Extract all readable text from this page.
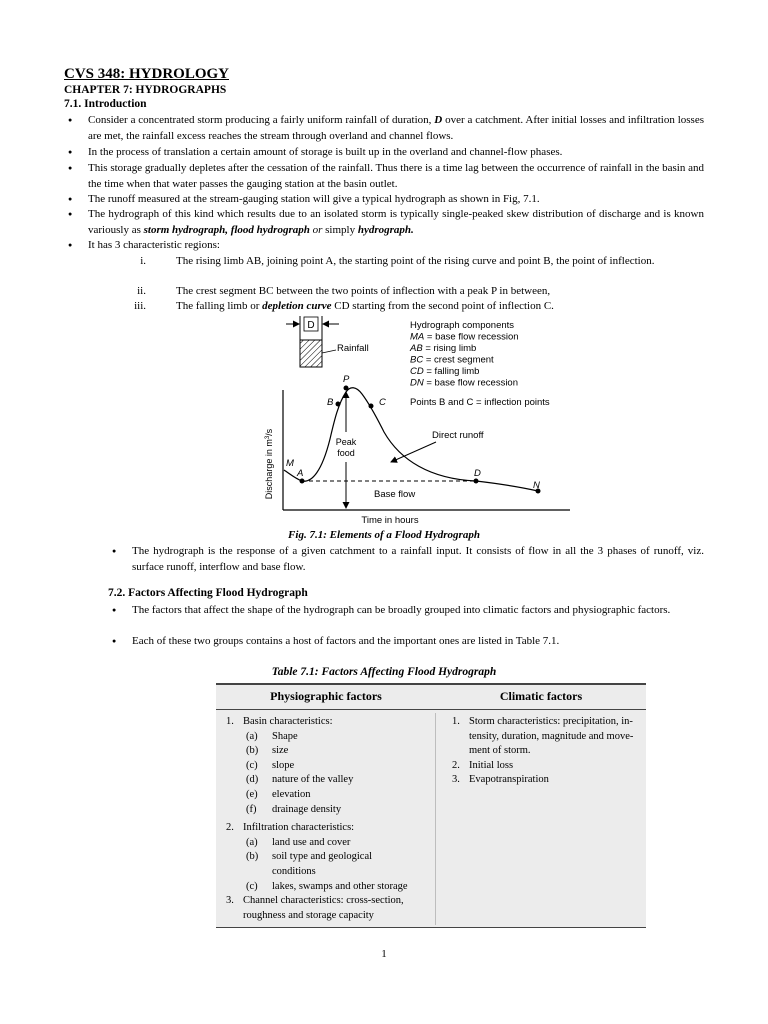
CVS 348: HYDROLOGY
CHAPTER 7: HYDROGRAPHS
7.1. Introduction
● Consider a concentrated storm producing a fairly uniform rainfall of duration, D over a catchment. After initial losses and infiltration losses are met, the rainfall excess reaches the stream through overland and channel flows.
● In the process of translation a certain amount of storage is built up in the overland and channel-flow phases.
● This storage gradually depletes after the cessation of the rainfall. Thus there is a time lag between the occurrence of rainfall in the basin and the time when that water passes the gauging station at the basin outlet.
● The runoff measured at the stream-gauging station will give a typical hydrograph as shown in Fig, 7.1.
● The hydrograph of this kind which results due to an isolated storm is typically single-peaked skew distribution of discharge and is known variously as storm hydrograph, flood hydrograph or simply hydrograph.
● It has 3 characteristic regions:
i.	The rising limb AB, joining point A, the starting point of the rising curve and point B, the point of inflection.
ii.	The crest segment BC between the two points of inflection with a peak P in between,
iii.	The falling limb or depletion curve CD starting from the second point of inflection C.
D
Rainfall
Discharge in $m^3/s$
Time in hours
Peak
food
P
B	C
M
A	D
N
Points B and C = inflection points
Direct runoff
Base flow
Hydrograph components
MA = base flow recession
AB = rising limb
BC = crest segment
CD = falling limb
DN = base flow recession
Fig. 7.1: Elements of a Flood Hydrograph
● The hydrograph is the response of a given catchment to a rainfall input. It consists of flow in all the 3 phases of runoff, viz. surface runoff, interflow and base flow.
7.2. Factors Affecting Flood Hydrograph
● The factors that affect the shape of the hydrograph can be broadly grouped into climatic factors and physiographic factors.
● Each of these two groups contains a host of factors and the important ones are listed in Table 7.1.
Table 7.1: Factors Affecting Flood Hydrograph
Physiographic factors	Climatic factors
1. Basin characteristics:
(a) Shape
(b) size
(c) slope
(d) nature of the valley
(e) elevation
(f) drainage density
2. Infiltration characteristics:
(a) land use and cover
(b) soil type and geological
conditions
(c) lakes, swamps and other storage
3. Channel characteristics: cross-section,
roughness and storage capacity
1. Storm characteristics: precipitation, in-
tensity, duration, magnitude and move-
ment of storm.
2. Initial loss
3. Evapotranspiration
1
